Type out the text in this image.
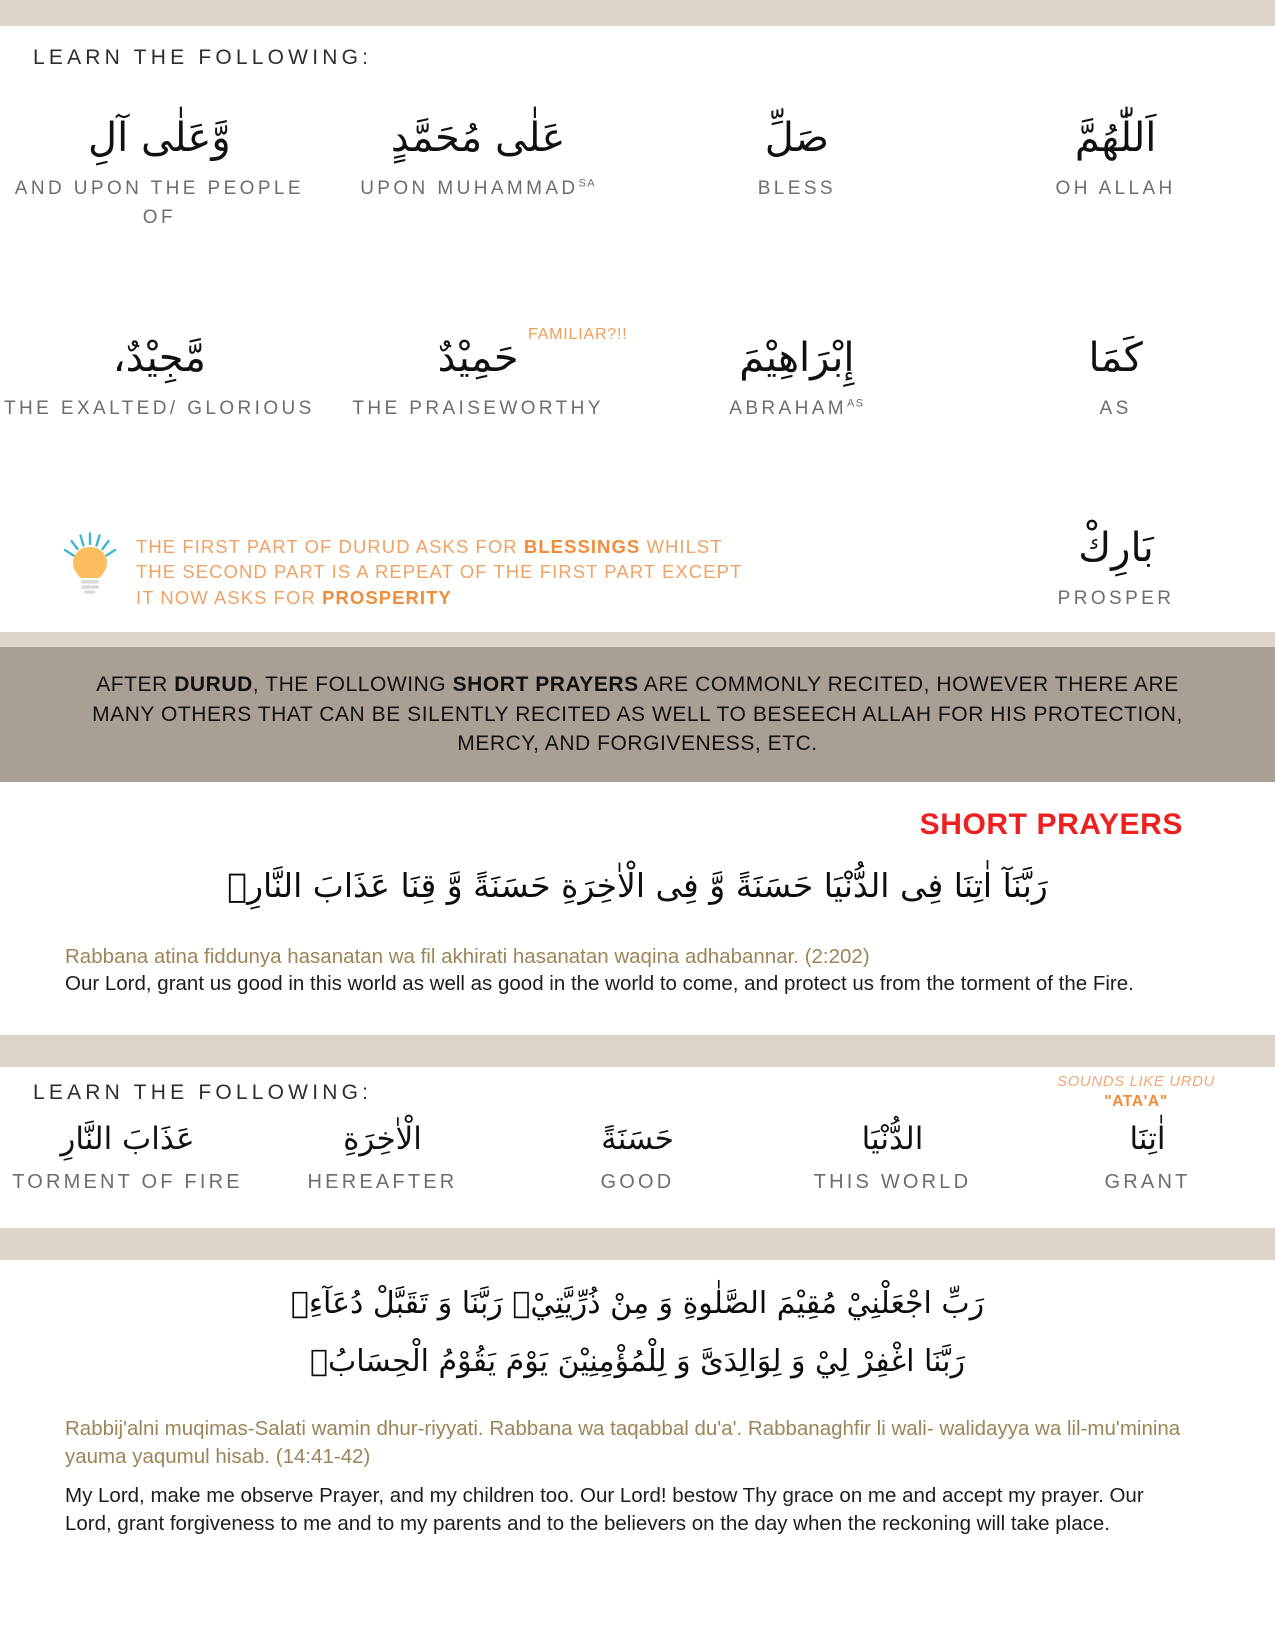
LEARN THE FOLLOWING:
اَللّٰهُمَّ
OH ALLAH
صَلِّ
BLESS
عَلٰى مُحَمَّدٍ
UPON $MUHAMMAD^{SA}$
وَّعَلٰى آلِ
AND UPON THE PEOPLE OF
FAMILIAR?!!
كَمَا
AS
إِبْرَاهِيْمَ
$ABRAHAM^{AS}$
حَمِيْدٌ
THE PRAISEWORTHY
مَّجِيْدٌ،
THE EXALTED/ GLORIOUS
THE FIRST PART OF DURUD ASKS FOR BLESSINGS WHILST THE SECOND PART IS A REPEAT OF THE FIRST PART EXCEPT IT NOW ASKS FOR PROSPERITY
بَارِكْ
PROSPER
AFTER DURUD, THE FOLLOWING SHORT PRAYERS ARE COMMONLY RECITED, HOWEVER THERE ARE MANY OTHERS THAT CAN BE SILENTLY RECITED AS WELL TO BESEECH ALLAH FOR HIS PROTECTION, MERCY, AND FORGIVENESS, ETC.
SHORT PRAYERS
رَبَّنَآ اٰتِنَا فِى الدُّنْيَا حَسَنَةً وَّ فِى الْاٰخِرَةِ حَسَنَةً وَّ قِنَا عَذَابَ النَّارِ۟
Rabbana atina fiddunya hasanatan wa fil akhirati hasanatan waqina adhabannar. (2:202)
Our Lord, grant us good in this world as well as good in the world to come, and protect us from the torment of the Fire.
LEARN THE FOLLOWING:	SOUNDS LIKE URDU
"ATA'A"
اٰتِنَا
GRANT
الدُّنْيَا
THIS WORLD
حَسَنَةً
GOOD
الْاٰخِرَةِ
HEREAFTER
عَذَابَ النَّارِ
TORMENT OF FIRE
رَبِّ اجْعَلْنِيْ مُقِيْمَ الصَّلٰوةِ وَ مِنْ ذُرِّيَّتِيْ۠ رَبَّنَا وَ تَقَبَّلْ دُعَآءِ۟
رَبَّنَا اغْفِرْ لِيْ وَ لِوَالِدَىَّ وَ لِلْمُؤْمِنِيْنَ يَوْمَ يَقُوْمُ الْحِسَابُ۠
Rabbij'alni muqimas-Salati wamin dhur-riyyati. Rabbana wa taqabbal du'a'. Rabbanaghfir li wali- walidayya wa lil-mu'minina yauma yaqumul hisab. (14:41-42)
My Lord, make me observe Prayer, and my children too. Our Lord! bestow Thy grace on me and accept my prayer. Our Lord, grant forgiveness to me and to my parents and to the believers on the day when the reckoning will take place.
